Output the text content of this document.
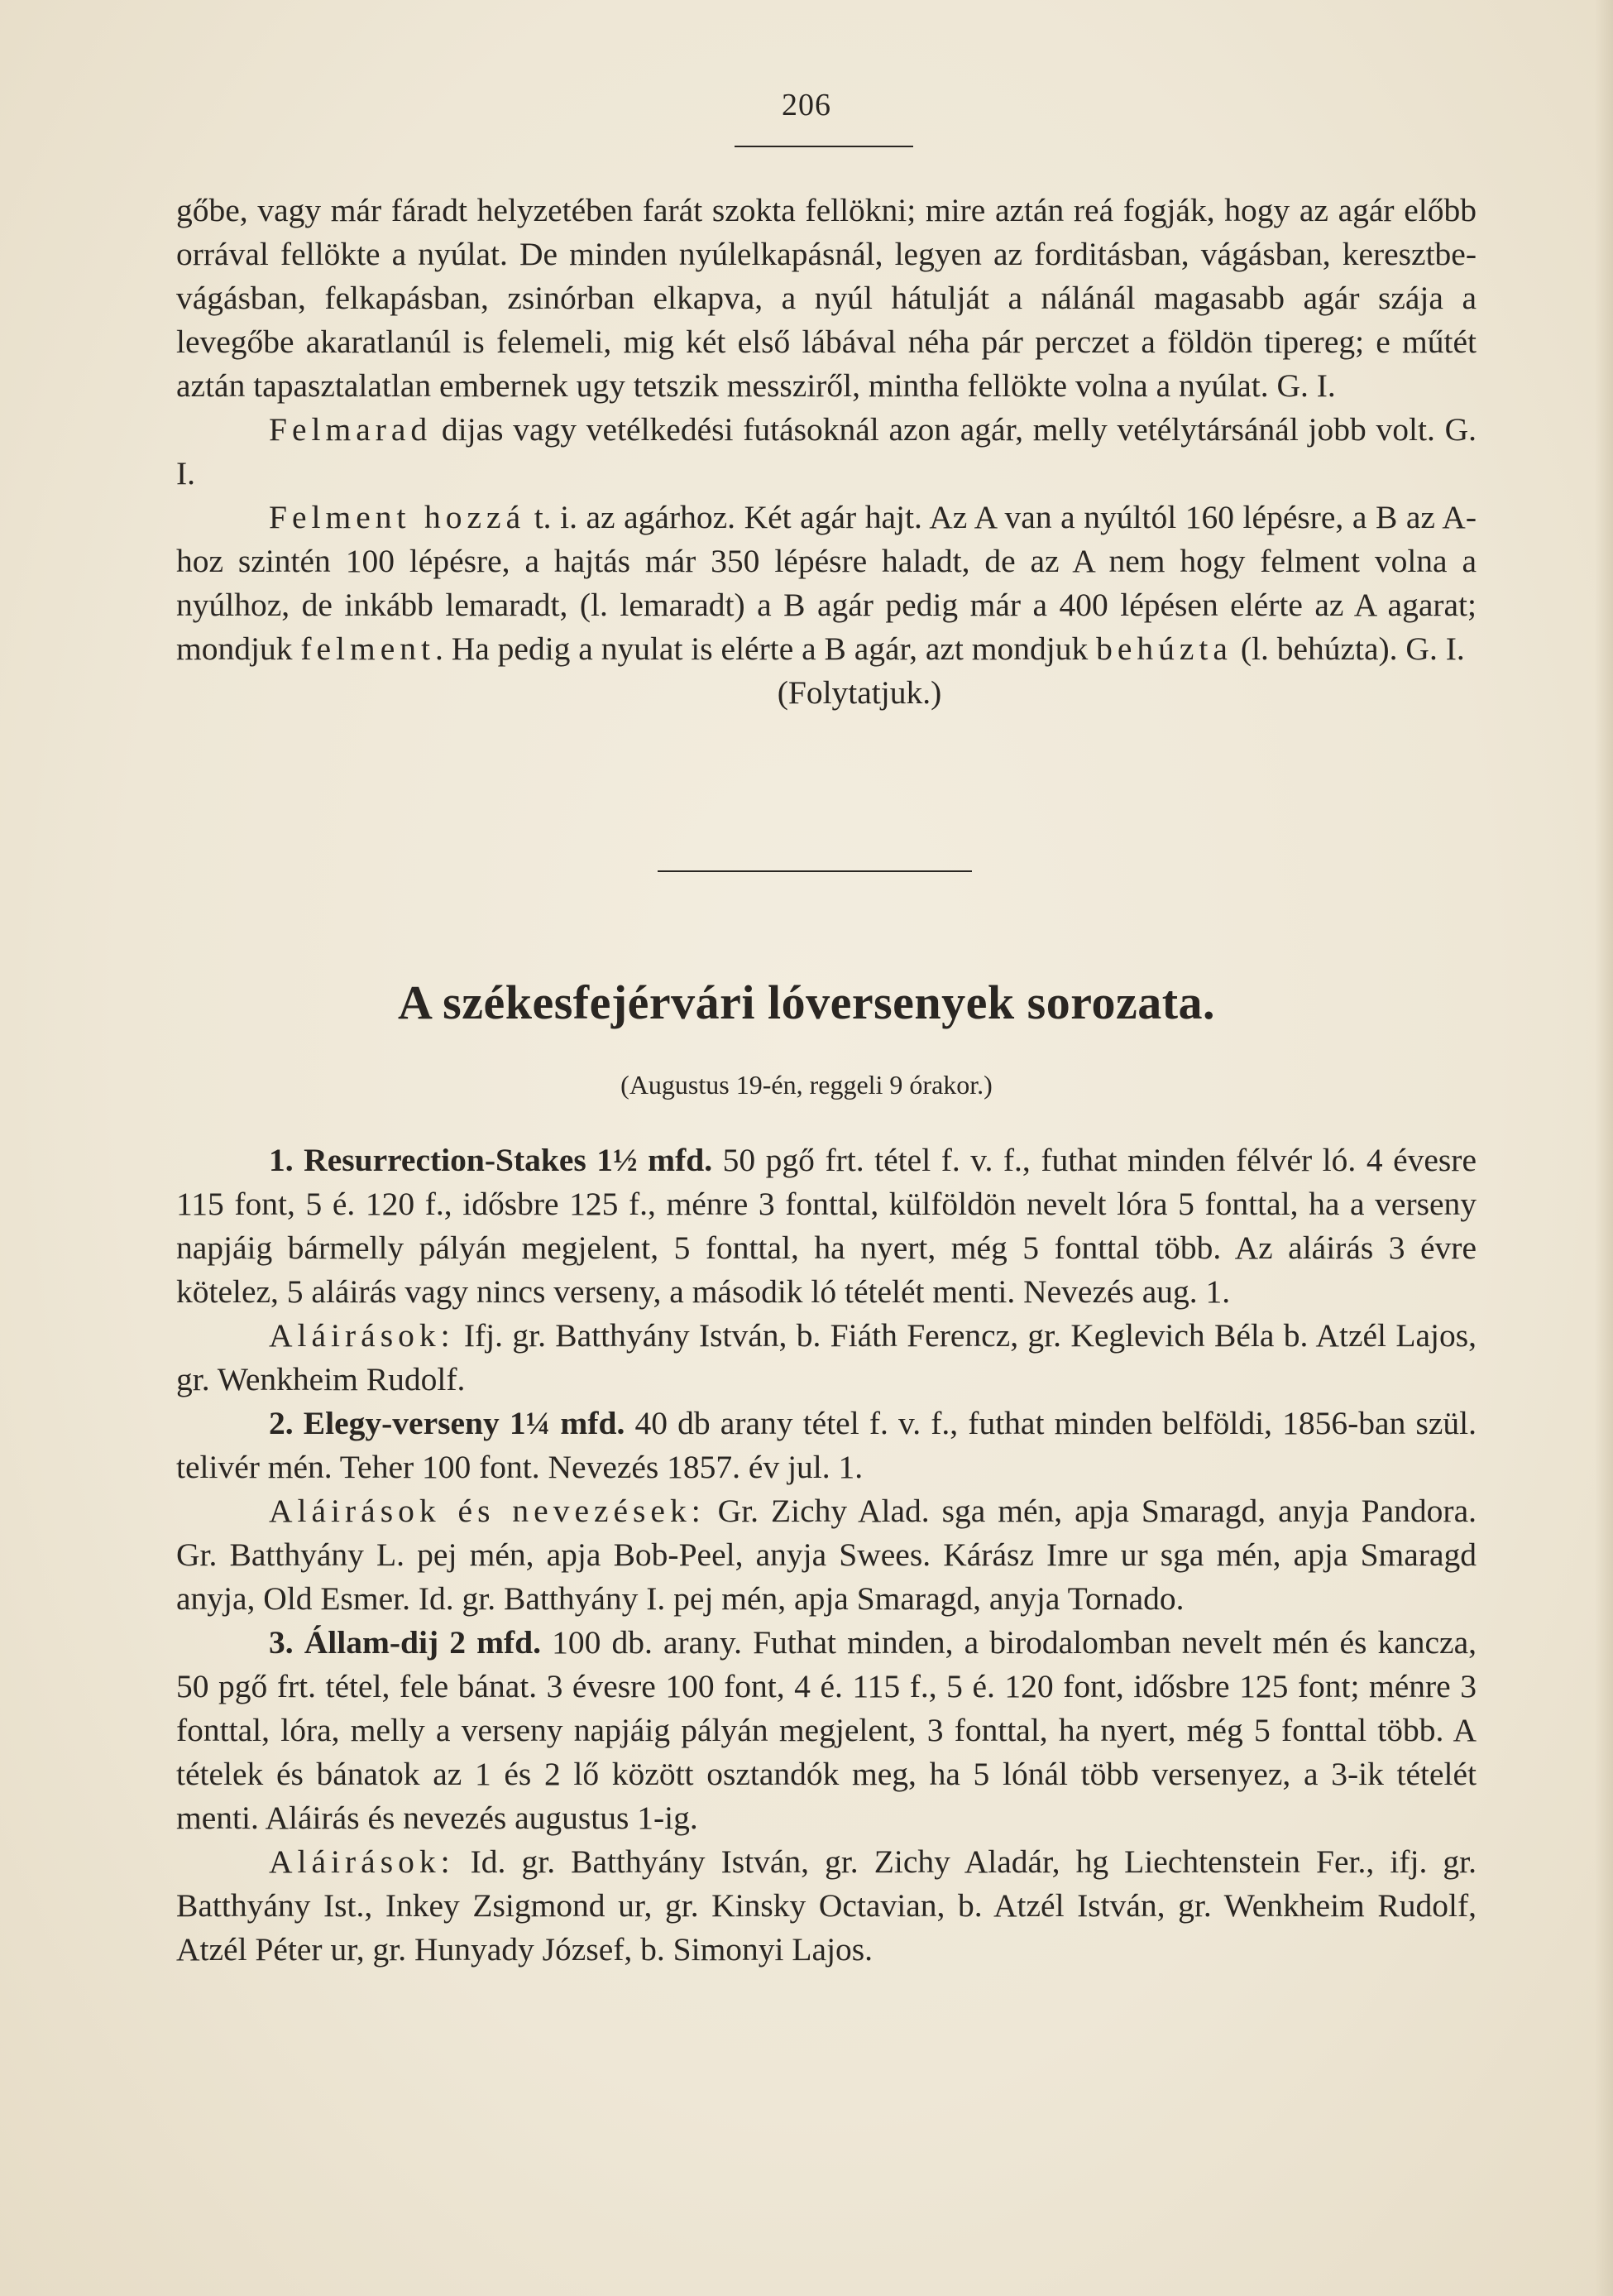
206

gőbe, vagy már fáradt helyzetében farát szokta fellökni; mire aztán reá fogják, hogy az agár előbb orrával fellökte a nyúlat. De minden nyúlelkapásnál, legyen az forditásban, vágásban, keresztbe-vágásban, felkapásban, zsinórban elkapva, a nyúl hátulját a nálánál magasabb agár szája a levegőbe akaratlanúl is felemeli, mig két első lábával néha pár perczet a földön tipereg; e műtét aztán tapasztalatlan embernek ugy tetszik messziről, mintha fellökte volna a nyúlat. G. I.

Felmarad dijas vagy vetélkedési futásoknál azon agár, melly vetélytársánál jobb volt. G. I.

Felment hozzá t. i. az agárhoz. Két agár hajt. Az A van a nyúltól 160 lépésre, a B az A-hoz szintén 100 lépésre, a hajtás már 350 lépésre haladt, de az A nem hogy felment volna a nyúlhoz, de inkább lemaradt, (l. lemaradt) a B agár pedig már a 400 lépésen elérte az A agarat; mondjuk felment. Ha pedig a nyulat is elérte a B agár, azt mondjuk behúzta (l. behúzta). G. I.

(Folytatjuk.)

A székesfejérvári lóversenyek sorozata.
(Augustus 19-én, reggeli 9 órakor.)

1. Resurrection-Stakes 1½ mfd. 50 pgő frt. tétel f. v. f., futhat minden félvér ló. 4 évesre 115 font, 5 é. 120 f., idősbre 125 f., ménre 3 fonttal, külföldön nevelt lóra 5 fonttal, ha a verseny napjáig bármelly pályán megjelent, 5 fonttal, ha nyert, még 5 fonttal több. Az aláirás 3 évre kötelez, 5 aláirás vagy nincs verseny, a második ló tételét menti. Nevezés aug. 1.

Aláirások: Ifj. gr. Batthyány István, b. Fiáth Ferencz, gr. Keglevich Béla b. Atzél Lajos, gr. Wenkheim Rudolf.

2. Elegy-verseny 1¼ mfd. 40 db arany tétel f. v. f., futhat minden belföldi, 1856-ban szül. telivér mén. Teher 100 font. Nevezés 1857. év jul. 1.

Aláirások és nevezések: Gr. Zichy Alad. sga mén, apja Smaragd, anyja Pandora. Gr. Batthyány L. pej mén, apja Bob-Peel, anyja Swees. Kárász Imre ur sga mén, apja Smaragd anyja, Old Esmer. Id. gr. Batthyány I. pej mén, apja Smaragd, anyja Tornado.

3. Állam-dij 2 mfd. 100 db. arany. Futhat minden, a birodalomban nevelt mén és kancza, 50 pgő frt. tétel, fele bánat. 3 évesre 100 font, 4 é. 115 f., 5 é. 120 font, idősbre 125 font; ménre 3 fonttal, lóra, melly a verseny napjáig pályán megjelent, 3 fonttal, ha nyert, még 5 fonttal több. A tételek és bánatok az 1 és 2 lő között osztandók meg, ha 5 lónál több versenyez, a 3-ik tételét menti. Aláirás és nevezés augustus 1-ig.

Aláirások: Id. gr. Batthyány István, gr. Zichy Aladár, hg Liechtenstein Fer., ifj. gr. Batthyány Ist., Inkey Zsigmond ur, gr. Kinsky Octavian, b. Atzél István, gr. Wenkheim Rudolf, Atzél Péter ur, gr. Hunyady József, b. Simonyi Lajos.
